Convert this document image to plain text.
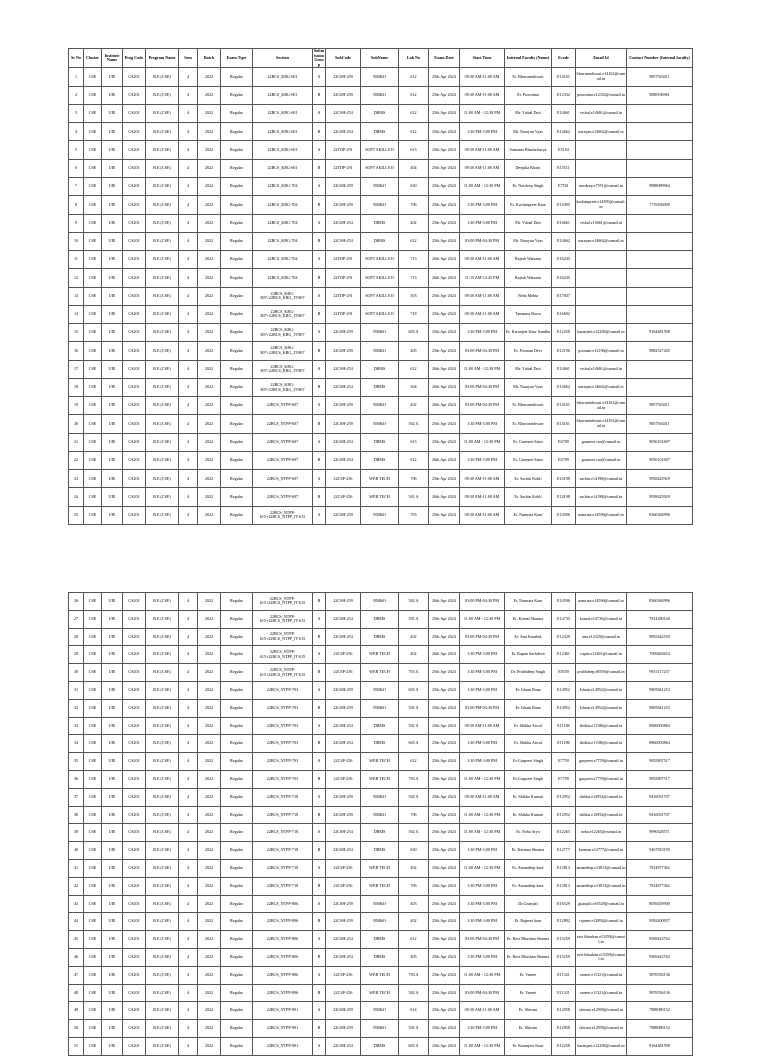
Sr No	Cluster	Institute Name	Prog Code	Program Name	Sem	Batch	Exam Type	Section	Submission Group	SubCode	SubName	Lab No	Exam Date	Start Time	Internal Faculty (Name)	Ecode	Email Id	Contact Number (Internal faculty)
1	CSE	UIE	CS201	B.E.(CSE)	4	2022	Regular	22BCS_KRG-601	A	22CSH-259	NM&O	612	25th Apr 2024	09:30 AM-11:00 AM	Er. Bhuvaneshwari	E14161	bhuvaneshwari.e14161@cumail.in	9857563411
2	CSE	UIE	CS201	B.E.(CSE)	4	2022	Regular	22BCS_KRG-601	B	22CSH-259	NM&O	612	25th Apr 2024	09:30 AM-11:00 AM	Er. Poornima	E12332	poornima.e12332@cumail.in	9888196961
3	CSE	UIE	CS201	B.E.(CSE)	4	2022	Regular	22BCS_KRG-601	A	22CSH-254	DBMS	612	25th Apr 2024	11:00 AM - 12:30 PM	Mr. Vishal Dutt	E14661	vishal.e14661@cumail.in	
4	CSE	UIE	CS201	B.E.(CSE)	4	2022	Regular	22BCS_KRG-601	B	22CSH-254	DBMS	612	25th Apr 2024	1:30 PM-3:00 PM	Mr. Narayan Vyas	E14662	narayan.e14662@cumail.in	
5	CSE	UIE	CS201	B.E.(CSE)	4	2022	Regular	22BCS_KRG-601	A	22TDP-291	SOFT SKILLS II	613	25th Apr 2024	09:30 AM-11:00 AM	Sumanta Bhattacharya	E5104		
6	CSE	UIE	CS201	B.E.(CSE)	4	2022	Regular	22BCS_KRG-601	B	22TDP-291	SOFT SKILLS II	404	25th Apr 2024	09:30 AM-11:00 AM	Deepika Khatri	E15511		
7	CSE	UIE	CS201	B.E.(CSE)	4	2022	Regular	22BCS_KRG-704	A	22CSH-259	NM&O	630	25th Apr 2024	11:00 AM - 12:30 PM	Er. Navdeep Singh	E7551	navdeep.e7551@cumail.in	9888089964
8	CSE	UIE	CS201	B.E.(CSE)	4	2022	Regular	22BCS_KRG-704	B	22CSH-259	NM&O	706	25th Apr 2024	1:30 PM-3:00 PM	Er. Kuchanpreet Kaur	E14395	kuchanpreet.e14395@cumail.in	7719456009
9	CSE	UIE	CS201	B.E.(CSE)	4	2022	Regular	22BCS_KRG-704	A	22CSH-254	DBMS	402	25th Apr 2024	1:30 PM-3:00 PM	Mr. Vishal Dutt	E14661	vishal.e14661@cumail.in	
10	CSE	UIE	CS201	B.E.(CSE)	4	2022	Regular	22BCS_KRG-704	B	22CSH-254	DBMS	612	25th Apr 2024	03:00 PM-04:30 PM	Mr. Narayan Vyas	E14662	narayan.e14662@cumail.in	
11	CSE	UIE	CS201	B.E.(CSE)	4	2022	Regular	22BCS_KRG-704	A	22TDP-291	SOFT SKILLS II	713	26th Apr 2024	09:30 AM-11:00 AM	Rajesh Watsanu	E16245		
12	CSE	UIE	CS201	B.E.(CSE)	4	2022	Regular	22BCS_KRG-704	B	22TDP-291	SOFT SKILLS II	713	26th Apr 2024	11:15 AM-12:45 PM	Rajesh Watsanu	E16245		
13	CSE	UIE	CS201	B.E.(CSE)	4	2022	Regular	22BCS_KRG-807+22BCS_KRG_IT-807	A	22TDP-291	SOFT SKILLS II	303	25th Apr 2024	09:30 AM-11:00 AM	Neha Mehta	E17847		
14	CSE	UIE	CS201	B.E.(CSE)	4	2022	Regular	22BCS_KRG-807+22BCS_KRG_IT-807	B	22TDP-291	SOFT SKILLS II	718	25th Apr 2024	09:30 AM-11:00 AM	Tamanna Bawa	E16602		
15	CSE	UIE	CS201	B.E.(CSE)	4	2022	Regular	22BCS_KRG-807+22BCS_KRG_IT-807	A	22CSH-259	NM&O	603 A	25th Apr 2024	1:30 PM-3:00 PM	Er. Karanjeet Kaur Sandhu	E12258	karanjeet.e12258@cumail.in	9164481598
16	CSE	UIE	CS201	B.E.(CSE)	4	2022	Regular	22BCS_KRG-807+22BCS_KRG_IT-807	B	22CSH-259	NM&O	405	25th Apr 2024	03:00 PM-04:30 PM	Er. Poonam Devi	E12196	poonam.e12196@cumail.in	9882527445
17	CSE	UIE	CS201	B.E.(CSE)	4	2022	Regular	22BCS_KRG-807+22BCS_KRG_IT-807	A	22CSH-254	DBMS	612	26th Apr 2024	11:00 AM - 12:30 PM	Mr. Vishal Dutt	E14661	vishal.e14661@cumail.in	
18	CSE	UIE	CS201	B.E.(CSE)	4	2022	Regular	22BCS_KRG-807+22BCS_KRG_IT-807	B	22CSH-254	DBMS	304	26th Apr 2024	03:00 PM-04:30 PM	Mr. Narayan Vyas	E14662	narayan.e14662@cumail.in	
19	CSE	UIE	CS201	B.E.(CSE)	4	2022	Regular	22BCS_NTPP-607	A	22CSH-259	NM&O	402	26th Apr 2024	03:00 PM-04:30 PM	Er. Bhuvaneshwari	E14161	bhuvaneshwari.e14161@cumail.in	9857563411
20	CSE	UIE	CS201	B.E.(CSE)	4	2022	Regular	22BCS_NTPP-607	B	22CSH-259	NM&O	502 A	25th Apr 2024	1:30 PM-3:00 PM	Er. Bhuvaneshwari	E14161	bhuvaneshwari.e14161@cumail.in	9857563411
21	CSE	UIE	CS201	B.E.(CSE)	4	2022	Regular	22BCS_NTPP-607	A	22CSH-254	DBMS	613	25th Apr 2024	11:00 AM - 12:30 PM	Er. Gurmeet Saini	E6709	gurmeet.cse@cumail.in	9056101697
22	CSE	UIE	CS201	B.E.(CSE)	4	2022	Regular	22BCS_NTPP-607	B	22CSH-254	DBMS	612	26th Apr 2024	1:30 PM-3:00 PM	Er. Gurmeet Saini	E6709	gurmeet.cse@cumail.in	9056101697
23	CSE	UIE	CS201	B.E.(CSE)	4	2022	Regular	22BCS_NTPP-607	A	22CSP-256	WEB TECH	706	25th Apr 2024	09:30 AM-11:00 AM	Er. Sachin Kohli	E14198	sachin.e14198@cumail.in	9958425929
24	CSE	UIE	CS201	B.E.(CSE)	4	2022	Regular	22BCS_NTPP-607	B	22CSP-256	WEB TECH	501 A	26th Apr 2024	09:30 AM-11:00 AM	Er. Sachin Kohli	E14198	sachin.e14198@cumail.in	9958425929
25	CSE	UIE	CS201	B.E.(CSE)	4	2022	Regular	22BCS_NTPP-615+22BCS_NTPP_IT-615	A	22CSH-259	NM&O	703	25th Apr 2024	09:30 AM-11:00 AM	Er. Namrata Kaur	E14596	namrata.e14596@cumail.in	8360364996
26	CSE	UIE	CS201	B.E.(CSE)	4	2022	Regular	22BCS_NTPP-615+22BCS_NTPP_IT-615	B	22CSH-259	NM&O	502 A	26th Apr 2024	03:00 PM-04:30 PM	Er. Namrata Kaur	E14596	namrata.e14596@cumail.in	8360364996
27	CSE	UIE	CS201	B.E.(CSE)	4	2022	Regular	22BCS_NTPP-615+22BCS_NTPP_IT-615	A	22CSH-254	DBMS	501 A	25th Apr 2024	11:00 AM - 12:30 PM	Er. Komal Sharma	E14735	komal.e14735@cumail.in	7814280140
28	CSE	UIE	CS201	B.E.(CSE)	4	2022	Regular	22BCS_NTPP-615+22BCS_NTPP_IT-615	B	22CSH-254	DBMS	402	25th Apr 2024	03:00 PM-04:30 PM	Er. Anu Kaushik	E12329	anu.e12329@cumail.in	9855442550
29	CSE	UIE	CS201	B.E.(CSE)	4	2022	Regular	22BCS_NTPP-615+22BCS_NTPP_IT-615	A	22CSP-256	WEB TECH	402	26th Apr 2024	1:30 PM-3:00 PM	Er. Rupan Sachdeva	E12461	rupan.e12461@cumail.in	7009463654
30	CSE	UIE	CS201	B.E.(CSE)	4	2022	Regular	22BCS_NTPP-615+22BCS_NTPP_IT-615	B	22CSP-256	WEB TECH	703 A	25th Apr 2024	1:30 PM-3:00 PM	Dr. Prabhdeep Singh	E8559	prabhdeep.e8559@cumail.in	9915117257
31	CSE	UIE	CS201	B.E.(CSE)	4	2022	Regular	22BCS_NTPP-703	A	22CSH-259	NM&O	603 A	25th Apr 2024	1:30 PM-3:00 PM	Er. Ishani Rana	E14952	Ishani.e14952@cumail.in	9805841253
32	CSE	UIE	CS201	B.E.(CSE)	4	2022	Regular	22BCS_NTPP-703	B	22CSH-259	NM&O	501 A	25th Apr 2024	03:00 PM-04:30 PM	Er. Ishani Rana	E14952	Ishani.e14952@cumail.in	9805841253
33	CSE	UIE	CS201	B.E.(CSE)	4	2022	Regular	22BCS_NTPP-703	A	22CSH-254	DBMS	501 A	25th Apr 2024	09:30 AM-11:00 AM	Er. Shikha Atwal	E11186	shikha.e11186@cumail.in	8866003864
34	CSE	UIE	CS201	B.E.(CSE)	4	2022	Regular	22BCS_NTPP-703	B	22CSH-254	DBMS	603 A	25th Apr 2024	1:30 PM-3:00 PM	Er. Shikha Atwal	E11186	shikha.e11186@cumail.in	8866003864
35	CSE	UIE	CS201	B.E.(CSE)	4	2022	Regular	22BCS_NTPP-703	A	22CSP-256	WEB TECH	612	25th Apr 2024	1:30 PM-3:00 PM	Er.Gurpreet Singh	E7759	gurpreet.e7759@cumail.in	9855807517
36	CSE	UIE	CS201	B.E.(CSE)	4	2022	Regular	22BCS_NTPP-703	B	22CSP-256	WEB TECH	703 A	25th Apr 2024	11:00 AM - 12:30 PM	Er.Gurpreet Singh	E7759	gurpreet.e7759@cumail.in	9855807517
37	CSE	UIE	CS201	B.E.(CSE)	4	2022	Regular	22BCS_NTPP-718	A	22CSH-259	NM&O	502 A	25th Apr 2024	09:30 AM-11:00 AM	Er. Shikha Kumari	E12952	shikha.e12952@cumail.in	9416031707
38	CSE	UIE	CS201	B.E.(CSE)	4	2022	Regular	22BCS_NTPP-718	B	22CSH-259	NM&O	706	25th Apr 2024	11:00 AM - 12:30 PM	Er. Shikha Kumari	E12952	shikha.e12952@cumail.in	9416031707
39	CSE	UIE	CS201	B.E.(CSE)	4	2022	Regular	22BCS_NTPP-718	A	22CSH-254	DBMS	502 A	25th Apr 2024	11:00 AM - 12:30 PM	Er. Neha Arya	E12265	neha.e12265@cumail.in	9996528571
40	CSE	UIE	CS201	B.E.(CSE)	4	2022	Regular	22BCS_NTPP-718	B	22CSH-254	DBMS	630	25th Apr 2024	1:30 PM-3:00 PM	Er. Karman Sharma	E12777	karman.e12777@cumail.in	9467810195
41	CSE	UIE	CS201	B.E.(CSE)	4	2022	Regular	22BCS_NTPP-718	A	22CSP-256	WEB TECH	402	25th Apr 2024	11:00 AM - 12:30 PM	Er. Amandeep kaur	E13813	amandeep.e13813@cumail.in	7814877362
42	CSE	UIE	CS201	B.E.(CSE)	4	2022	Regular	22BCS_NTPP-718	B	22CSP-256	WEB TECH	706	25th Apr 2024	1:30 PM-3:00 PM	Er. Amandeep kaur	E13813	amandeep.e13813@cumail.in	7814877362
43	CSE	UIE	CS201	B.E.(CSE)	4	2022	Regular	22BCS_NTPP-806	A	22CSH-259	NM&O	403	25th Apr 2024	1:30 PM-3:00 PM	Dr.Gitanjali	E16529	gitanjali.e16529@cumail.in	8059459900
44	CSE	UIE	CS201	B.E.(CSE)	4	2022	Regular	22BCS_NTPP-806	B	22CSH-259	NM&O	402	25th Apr 2024	1:30 PM-3:00 PM	Er. Rajneet kaur	E12892	rajneet.e12892@cumail.in	9592400957
45	CSE	UIE	CS201	B.E.(CSE)	4	2022	Regular	22BCS_NTPP-806	A	22CSH-254	DBMS	612	25th Apr 2024	03:00 PM-04:30 PM	Er. Ravi Bhushan Sharma	E15259	ravi.bhushan.e15259@cumail.in	9569422762
46	CSE	UIE	CS201	B.E.(CSE)	4	2022	Regular	22BCS_NTPP-806	B	22CSH-254	DBMS	405	25th Apr 2024	1:30 PM-3:00 PM	Er. Ravi Bhushan Sharma	E15259	ravi.bhushan.e15259@cumail.in	9569422762
47	CSE	UIE	CS201	B.E.(CSE)	4	2022	Regular	22BCS_NTPP-806	A	22CSP-256	WEB TECH	703 A	25th Apr 2024	11:00 AM - 12:30 PM	Er. Vaneet	E11321	vaneet.e11321@cumail.in	9876556136
48	CSE	UIE	CS201	B.E.(CSE)	4	2022	Regular	22BCS_NTPP-806	B	22CSP-256	WEB TECH	502 A	25th Apr 2024	03:00 PM-04:30 PM	Er. Vaneet	E11321	vaneet.e11321@cumail.in	9876556136
49	CSE	UIE	CS201	B.E.(CSE)	4	2022	Regular	22BCS_NTPP-901	A	22CSH-259	NM&O	614	25th Apr 2024	09:30 AM-11:00 AM	Er. Shivani	E12958	shivani.e12958@cumail.in	7888080152
50	CSE	UIE	CS201	B.E.(CSE)	4	2022	Regular	22BCS_NTPP-901	B	22CSH-259	NM&O	501 A	25th Apr 2024	1:30 PM-3:00 PM	Er. Shivani	E12958	shivani.e12958@cumail.in	7888080152
51	CSE	UIE	CS201	B.E.(CSE)	4	2022	Regular	22BCS_NTPP-901	A	22CSH-254	DBMS	603 A	25th Apr 2024	11:00 AM - 12:30 PM	Er. Karanjeet Kaur	E12258	karanjeet.e12258@cumail.in	9164481598
